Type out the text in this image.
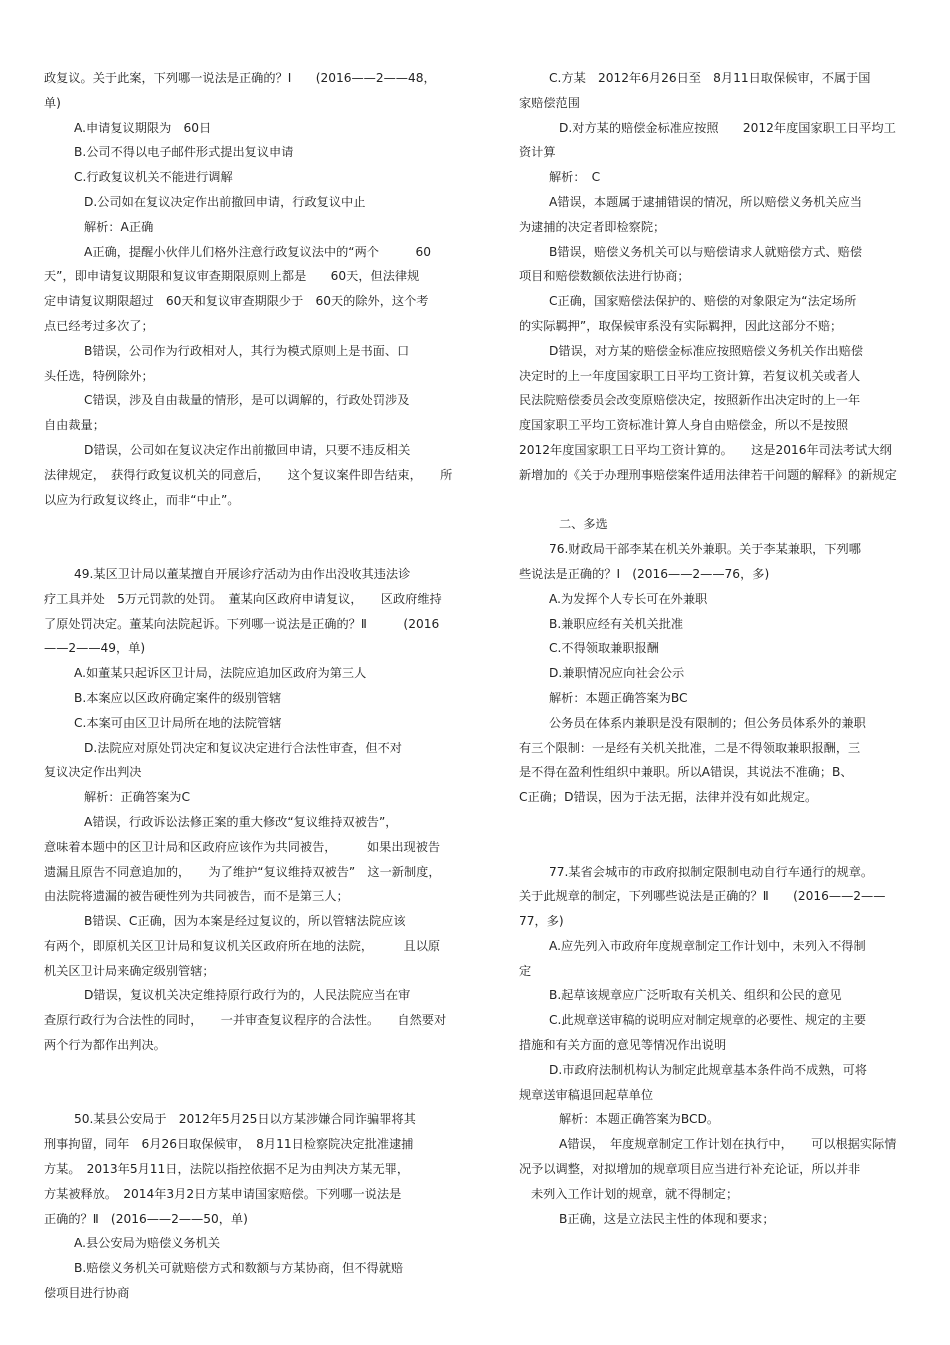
政复议。关于此案，下列哪一说法是正确的？Ⅰ　　(2016——2——48，
单)
A.申请复议期限为　60日
B.公司不得以电子邮件形式提出复议申请
C.行政复议机关不能进行调解
D.公司如在复议决定作出前撤回申请，行政复议中止
解析：A正确
A正确，提醒小伙伴儿们格外注意行政复议法中的“两个　　　60
天”，即申请复议期限和复议审查期限原则上都是　　60天，但法律规
定申请复议期限超过　60天和复议审查期限少于　60天的除外，这个考
点已经考过多次了；
B错误，公司作为行政相对人，其行为模式原则上是书面、口
头任选，特例除外；
C错误，涉及自由裁量的情形，是可以调解的，行政处罚涉及
自由裁量；
D错误，公司如在复议决定作出前撤回申请，只要不违反相关
法律规定，　获得行政复议机关的同意后，　　这个复议案件即告结束，　　所
以应为行政复议终止，而非“中止”。
49.某区卫计局以董某擅自开展诊疗活动为由作出没收其违法诊
疗工具并处　5万元罚款的处罚。　董某向区政府申请复议，　　区政府维持
了原处罚决定。董某向法院起诉。下列哪一说法是正确的？Ⅱ　　　(2016
——2——49，单)
A.如董某只起诉区卫计局，法院应追加区政府为第三人
B.本案应以区政府确定案件的级别管辖
C.本案可由区卫计局所在地的法院管辖
D.法院应对原处罚决定和复议决定进行合法性审查，但不对
复议决定作出判决
解析：正确答案为C
A错误，行政诉讼法修正案的重大修改“复议维持双被告”，
意味着本题中的区卫计局和区政府应该作为共同被告，　　　如果出现被告
遗漏且原告不同意追加的，　　为了维护“复议维持双被告”　这一新制度，
由法院将遗漏的被告硬性列为共同被告，而不是第三人；
B错误、C正确，因为本案是经过复议的，所以管辖法院应该
有两个，即原机关区卫计局和复议机关区政府所在地的法院，　　　且以原
机关区卫计局来确定级别管辖；
D错误，复议机关决定维持原行政行为的，人民法院应当在审
查原行政行为合法性的同时，　　一并审查复议程序的合法性。　　自然要对
两个行为都作出判决。
50.某县公安局于　2012年5月25日以方某涉嫌合同诈骗罪将其
刑事拘留，同年　6月26日取保候审，　8月11日检察院决定批准逮捕
方某。　2013年5月11日，法院以指控依据不足为由判决方某无罪，
方某被释放。　2014年3月2日方某申请国家赔偿。下列哪一说法是
正确的？Ⅱ　(2016——2——50，单)
A.县公安局为赔偿义务机关
B.赔偿义务机关可就赔偿方式和数额与方某协商，但不得就赔
偿项目进行协商
C.方某　2012年6月26日至　8月11日取保候审，不属于国
家赔偿范围
D.对方某的赔偿金标准应按照　　2012年度国家职工日平均工
资计算
解析：　C
A错误，本题属于逮捕错误的情况，所以赔偿义务机关应当
为逮捕的决定者即检察院；
B错误，赔偿义务机关可以与赔偿请求人就赔偿方式、赔偿
项目和赔偿数额依法进行协商；
C正确，国家赔偿法保护的、赔偿的对象限定为“法定场所
的实际羁押”，取保候审系没有实际羁押，因此这部分不赔；
D错误，对方某的赔偿金标准应按照赔偿义务机关作出赔偿
决定时的上一年度国家职工日平均工资计算，若复议机关或者人
民法院赔偿委员会改变原赔偿决定，按照新作出决定时的上一年
度国家职工平均工资标准计算人身自由赔偿金，所以不是按照
2012年度国家职工日平均工资计算的。　　这是2016年司法考试大纲
新增加的《关于办理刑事赔偿案件适用法律若干问题的解释》的新规定
二、多选
76.财政局干部李某在机关外兼职。关于李某兼职，下列哪
些说法是正确的？Ⅰ　(2016——2——76，多)
A.为发挥个人专长可在外兼职
B.兼职应经有关机关批准
C.不得领取兼职报酬
D.兼职情况应向社会公示
解析：本题正确答案为BC
公务员在体系内兼职是没有限制的；但公务员体系外的兼职
有三个限制：一是经有关机关批准，二是不得领取兼职报酬，三
是不得在盈利性组织中兼职。所以A错误，其说法不准确；B、
C正确；D错误，因为于法无据，法律并没有如此规定。
77.某省会城市的市政府拟制定限制电动自行车通行的规章。
关于此规章的制定，下列哪些说法是正确的？Ⅱ　　(2016——2——
77，多)
A.应先列入市政府年度规章制定工作计划中，未列入不得制
定
B.起草该规章应广泛听取有关机关、组织和公民的意见
C.此规章送审稿的说明应对制定规章的必要性、规定的主要
措施和有关方面的意见等情况作出说明
D.市政府法制机构认为制定此规章基本条件尚不成熟，可将
规章送审稿退回起草单位
解析：本题正确答案为BCD。
A错误，　年度规章制定工作计划在执行中，　　可以根据实际情
况予以调整，对拟增加的规章项目应当进行补充论证，所以并非
未列入工作计划的规章，就不得制定；
B正确，这是立法民主性的体现和要求；
